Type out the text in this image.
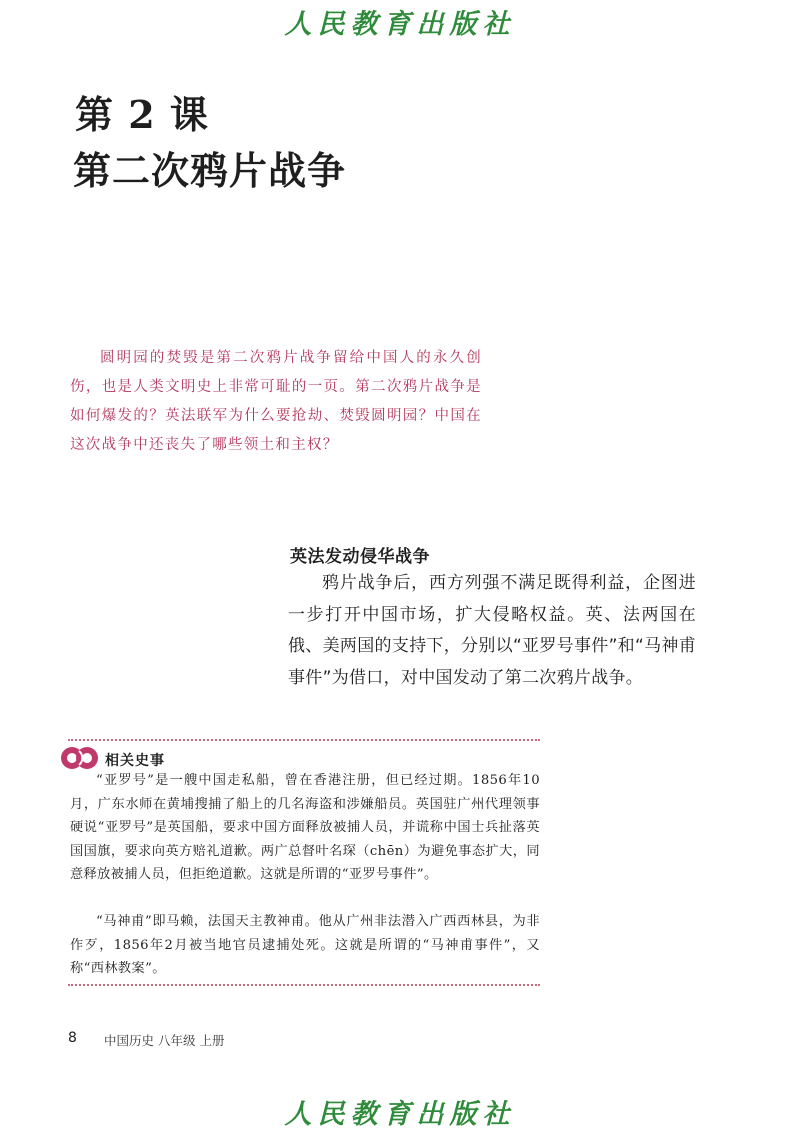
人民教育出版社
第 2 课
第二次鸦片战争

圆明园的焚毁是第二次鸦片战争留给中国人的永久创伤，也是人类文明史上非常可耻的一页。第二次鸦片战争是如何爆发的？英法联军为什么要抢劫、焚毁圆明园？中国在这次战争中还丧失了哪些领土和主权？

英法发动侵华战争

鸦片战争后，西方列强不满足既得利益，企图进一步打开中国市场，扩大侵略权益。英、法两国在俄、美两国的支持下，分别以“亚罗号事件”和“马神甫事件”为借口，对中国发动了第二次鸦片战争。

相关史事

“亚罗号”是一艘中国走私船，曾在香港注册，但已经过期。1856年10月，广东水师在黄埔搜捕了船上的几名海盗和涉嫌船员。英国驻广州代理领事硬说“亚罗号”是英国船，要求中国方面释放被捕人员，并谎称中国士兵扯落英国国旗，要求向英方赔礼道歉。两广总督叶名琛（chēn）为避免事态扩大，同意释放被捕人员，但拒绝道歉。这就是所谓的“亚罗号事件”。

“马神甫”即马赖，法国天主教神甫。他从广州非法潜入广西西林县，为非作歹，1856年2月被当地官员逮捕处死。这就是所谓的“马神甫事件”，又称“西林教案”。

8 中国历史 八年级 上册
人民教育出版社
